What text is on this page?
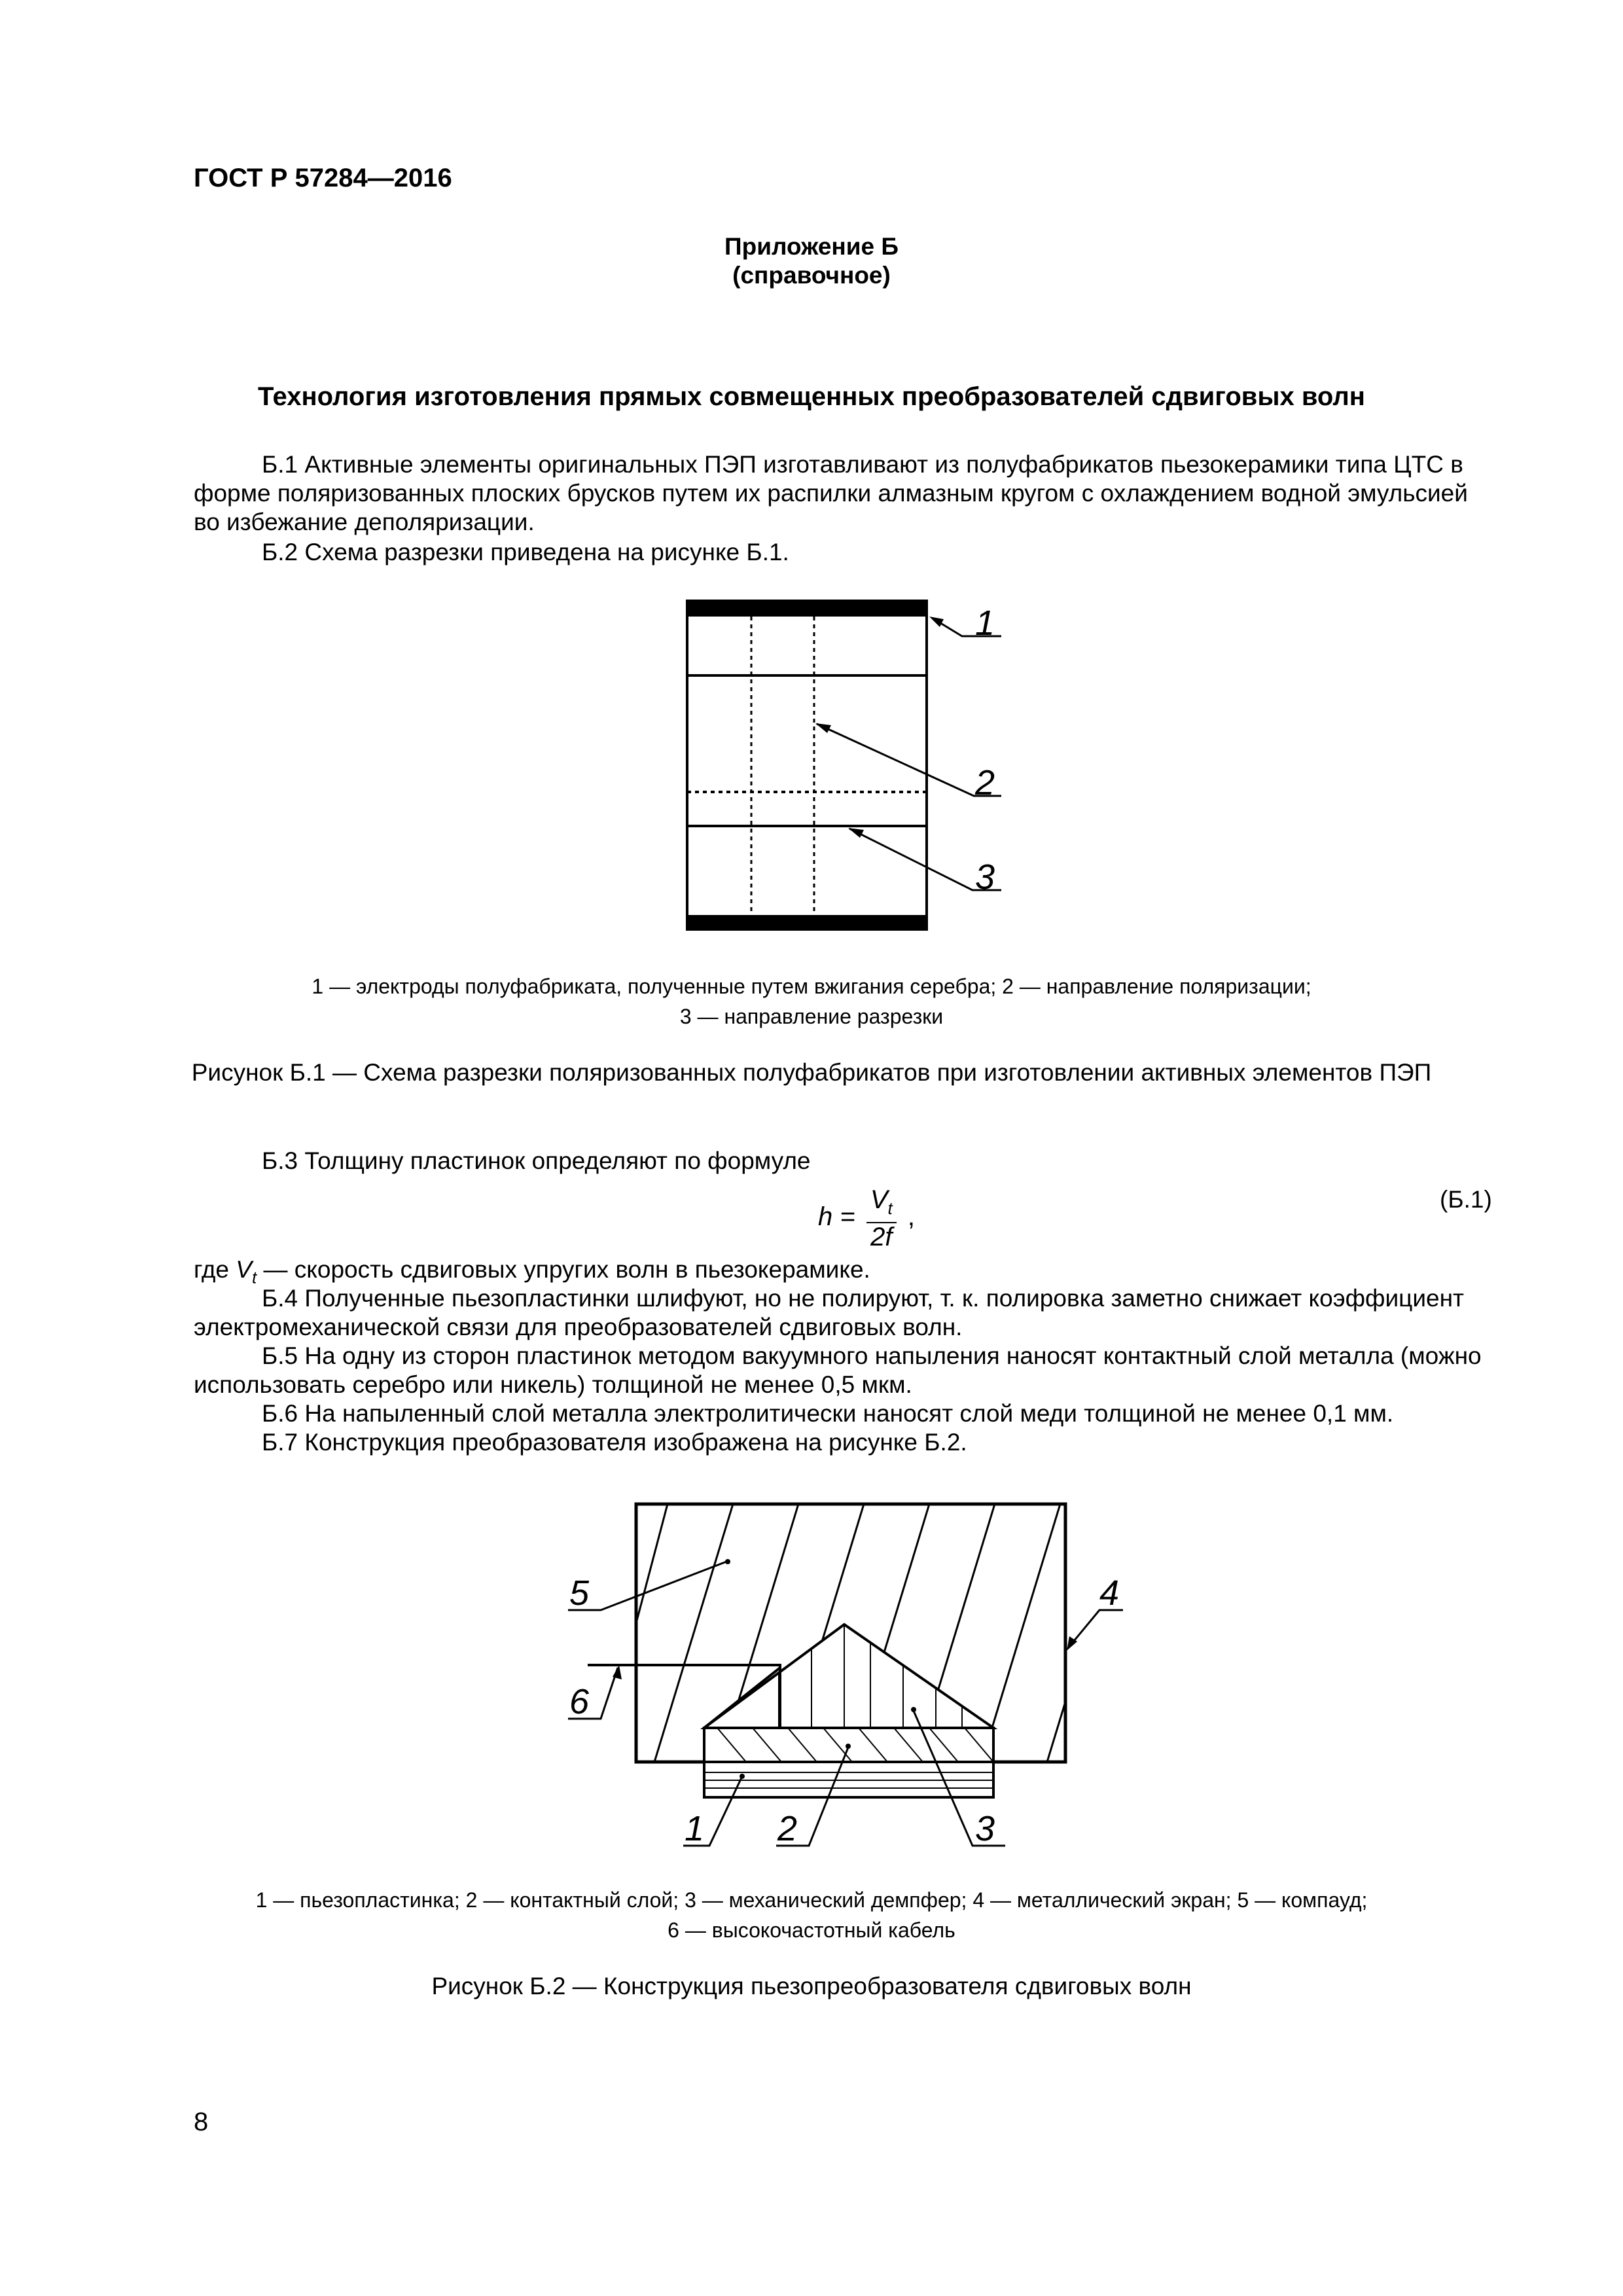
ГОСТ Р 57284—2016
Приложение Б
(справочное)
Технология изготовления прямых совмещенных преобразователей сдвиговых волн
Б.1 Активные элементы оригинальных ПЭП изготавливают из полуфабрикатов пьезокерамики типа ЦТС в форме поляризованных плоских брусков путем их распилки алмазным кругом с охлаждением водной эмульсией во избежание деполяризации.
Б.2 Схема разрезки приведена на рисунке Б.1.
1
2
3
1 — электроды полуфабриката, полученные путем вжигания серебра; 2 — направление поляризации;
3 — направление разрезки
Рисунок Б.1 — Схема разрезки поляризованных полуфабрикатов при изготовлении активных элементов ПЭП
Б.3 Толщину пластинок определяют по формуле
$h = \frac{V_t}{2f}$ ,
(Б.1)
где $V_t$ — скорость сдвиговых упругих волн в пьезокерамике.
Б.4 Полученные пьезопластинки шлифуют, но не полируют, т. к. полировка заметно снижает коэффициент электромеханической связи для преобразователей сдвиговых волн.
Б.5 На одну из сторон пластинок методом вакуумного напыления наносят контактный слой металла (можно использовать серебро или никель) толщиной не менее 0,5 мкм.
Б.6 На напыленный слой металла электролитически наносят слой меди толщиной не менее 0,1 мм.
Б.7 Конструкция преобразователя изображена на рисунке Б.2.
5	4
6
1 2	3
1 — пьезопластинка; 2 — контактный слой; 3 — механический демпфер; 4 — металлический экран; 5 — компауд;
6 — высокочастотный кабель
Рисунок Б.2 — Конструкция пьезопреобразователя сдвиговых волн
8
